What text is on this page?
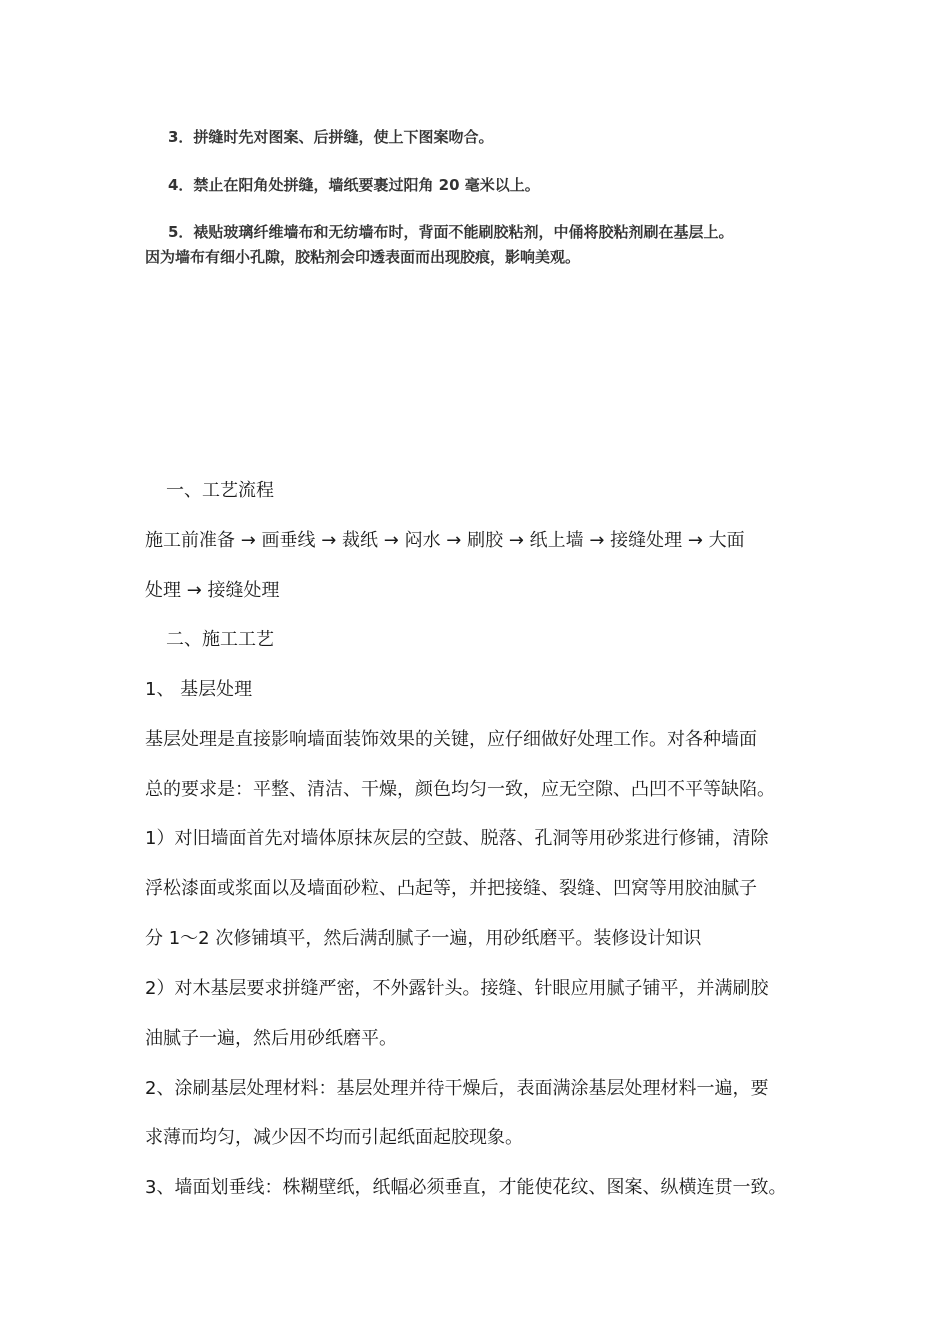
3．拼缝时先对图案、后拼缝，使上下图案吻合。
4．禁止在阳角处拼缝，墙纸要裹过阳角 20 毫米以上。
5．裱贴玻璃纤维墙布和无纺墙布时，背面不能刷胶粘剂，中俑将胶粘剂刷在基层上。
因为墙布有细小孔隙，胶粘剂会印透表面而出现胶痕，影响美观。
一、工艺流程
施工前准备 → 画垂线 → 裁纸 → 闷水 → 刷胶 → 纸上墙 → 接缝处理 → 大面
处理 → 接缝处理
二、施工工艺
1、 基层处理
基层处理是直接影响墙面装饰效果的关键，应仔细做好处理工作。对各种墙面
总的要求是：平整、清洁、干燥，颜色均匀一致，应无空隙、凸凹不平等缺陷。
1）对旧墙面首先对墙体原抹灰层的空鼓、脱落、孔洞等用砂浆进行修铺，清除
浮松漆面或浆面以及墙面砂粒、凸起等，并把接缝、裂缝、凹窝等用胶油腻子
分 1～2 次修铺填平，然后满刮腻子一遍，用砂纸磨平。装修设计知识
2）对木基层要求拼缝严密，不外露针头。接缝、针眼应用腻子铺平，并满刷胶
油腻子一遍，然后用砂纸磨平。
2、涂刷基层处理材料：基层处理并待干燥后，表面满涂基层处理材料一遍，要
求薄而均匀，减少因不均而引起纸面起胶现象。
3、墙面划垂线：株糊壁纸，纸幅必须垂直，才能使花纹、图案、纵横连贯一致。
